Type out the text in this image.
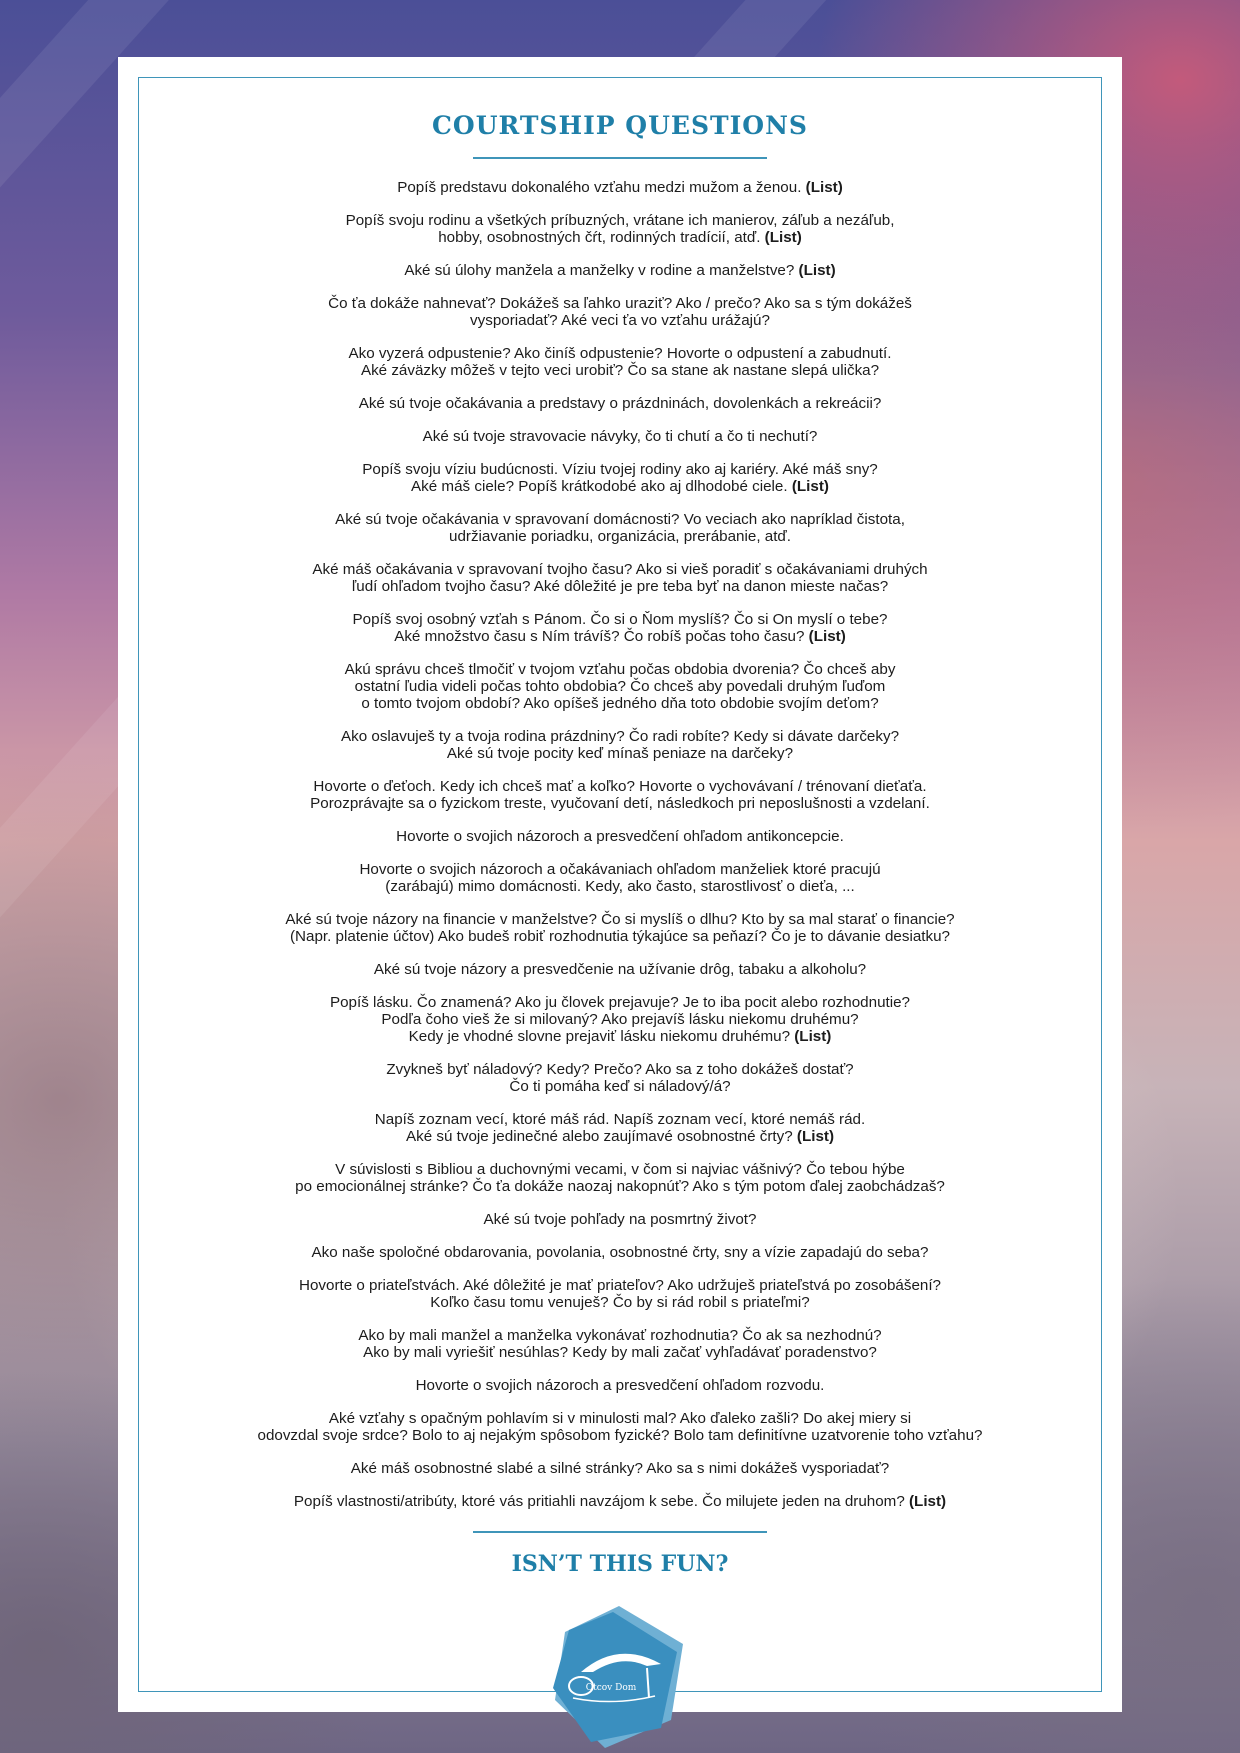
COURTSHIP QUESTIONS
Popíš predstavu dokonalého vzťahu medzi mužom a ženou. (List)
Popíš svoju rodinu a všetkých príbuzných, vrátane ich manierov, záľub a nezáľub,
hobby, osobnostných čŕt, rodinných tradícií, atď. (List)
Aké sú úlohy manžela a manželky v rodine a manželstve? (List)
Čo ťa dokáže nahnevať? Dokážeš sa ľahko uraziť? Ako / prečo? Ako sa s tým dokážeš
vysporiadať? Aké veci ťa vo vzťahu urážajú?
Ako vyzerá odpustenie? Ako činíš odpustenie? Hovorte o odpustení a zabudnutí.
Aké záväzky môžeš v tejto veci urobiť? Čo sa stane ak nastane slepá ulička?
Aké sú tvoje očakávania a predstavy o prázdninách, dovolenkách a rekreácii?
Aké sú tvoje stravovacie návyky, čo ti chutí a čo ti nechutí?
Popíš svoju víziu budúcnosti. Víziu tvojej rodiny ako aj kariéry. Aké máš sny?
Aké máš ciele? Popíš krátkodobé ako aj dlhodobé ciele. (List)
Aké sú tvoje očakávania v spravovaní domácnosti? Vo veciach ako napríklad čistota,
udržiavanie poriadku, organizácia, prerábanie, atď.
Aké máš očakávania v spravovaní tvojho času? Ako si vieš poradiť s očakávaniami druhých
ľudí ohľadom tvojho času? Aké dôležité je pre teba byť na danon mieste načas?
Popíš svoj osobný vzťah s Pánom. Čo si o Ňom myslíš? Čo si On myslí o tebe?
Aké množstvo času s Ním trávíš? Čo robíš počas toho času? (List)
Akú správu chceš tlmočiť v tvojom vzťahu počas obdobia dvorenia? Čo chceš aby
ostatní ľudia videli počas tohto obdobia? Čo chceš aby povedali druhým ľuďom
o tomto tvojom období? Ako opíšeš jedného dňa toto obdobie svojím deťom?
Ako oslavuješ ty a tvoja rodina prázdniny? Čo radi robíte? Kedy si dávate darčeky?
Aké sú tvoje pocity keď mínaš peniaze na darčeky?
Hovorte o ďeťoch. Kedy ich chceš mať a koľko? Hovorte o vychovávaní / trénovaní dieťaťa.
Porozprávajte sa o fyzickom treste, vyučovaní detí, následkoch pri neposlušnosti a vzdelaní.
Hovorte o svojich názoroch a presvedčení ohľadom antikoncepcie.
Hovorte o svojich názoroch a očakávaniach ohľadom manželiek ktoré pracujú
(zarábajú) mimo domácnosti. Kedy, ako často, starostlivosť o dieťa, ...
Aké sú tvoje názory na financie v manželstve? Čo si myslíš o dlhu? Kto by sa mal starať o financie?
(Napr. platenie účtov) Ako budeš robiť rozhodnutia týkajúce sa peňazí? Čo je to dávanie desiatku?
Aké sú tvoje názory a presvedčenie na užívanie drôg, tabaku a alkoholu?
Popíš lásku. Čo znamená? Ako ju človek prejavuje? Je to iba pocit alebo rozhodnutie?
Podľa čoho vieš že si milovaný? Ako prejavíš lásku niekomu druhému?
Kedy je vhodné slovne prejaviť lásku niekomu druhému? (List)
Zvykneš byť náladový? Kedy? Prečo? Ako sa z toho dokážeš dostať?
Čo ti pomáha keď si náladový/á?
Napíš zoznam vecí, ktoré máš rád. Napíš zoznam vecí, ktoré nemáš rád.
Aké sú tvoje jedinečné alebo zaujímavé osobnostné črty? (List)
V súvislosti s Bibliou a duchovnými vecami, v čom si najviac vášnivý? Čo tebou hýbe
po emocionálnej stránke? Čo ťa dokáže naozaj nakopnúť? Ako s tým potom ďalej zaobchádzaš?
Aké sú tvoje pohľady na posmrtný život?
Ako naše spoločné obdarovania, povolania, osobnostné črty, sny a vízie zapadajú do seba?
Hovorte o priateľstvách. Aké dôležité je mať priateľov? Ako udržuješ priateľstvá po zosobášení?
Koľko času tomu venuješ? Čo by si rád robil s priateľmi?
Ako by mali manžel a manželka vykonávať rozhodnutia? Čo ak sa nezhodnú?
Ako by mali vyriešiť nesúhlas? Kedy by mali začať vyhľadávať poradenstvo?
Hovorte o svojich názoroch a presvedčení ohľadom rozvodu.
Aké vzťahy s opačným pohlavím si v minulosti mal? Ako ďaleko zašli? Do akej miery si
odovzdal svoje srdce? Bolo to aj nejakým spôsobom fyzické? Bolo tam definitívne uzatvorenie toho vzťahu?
Aké máš osobnostné slabé a silné stránky? Ako sa s nimi dokážeš vysporiadať?
Popíš vlastnosti/atribúty, ktoré vás pritiahli navzájom k sebe. Čo milujete jeden na druhom? (List)
ISN’T THIS FUN?
Otcov Dom
